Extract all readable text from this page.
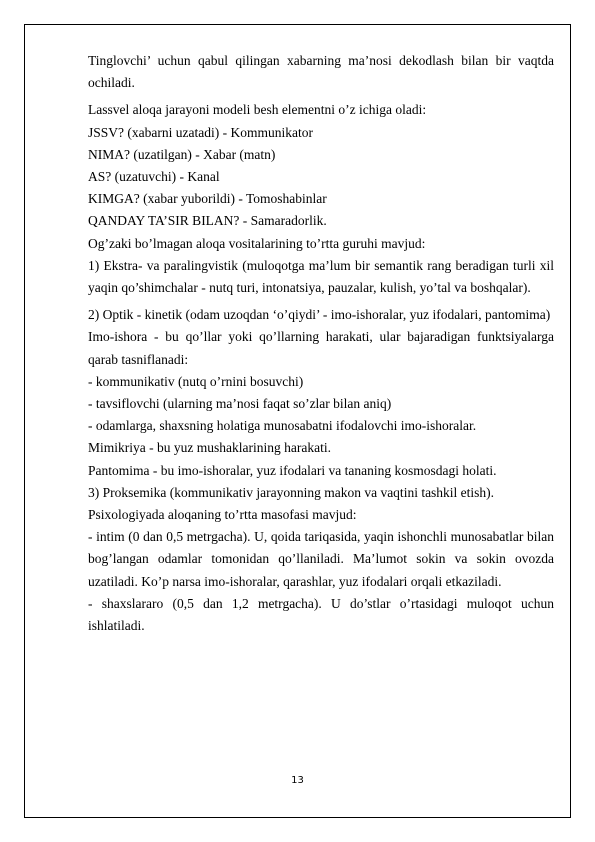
Tinglovchi’ uchun qabul qilingan xabarning ma’nosi dekodlash bilan bir vaqtda ochiladi.

Lassvel aloqa jarayoni modeli besh elementni o’z ichiga oladi:

JSSV? (xabarni uzatadi) - Kommunikator

NIMA? (uzatilgan) - Xabar (matn)

AS? (uzatuvchi) - Kanal

KIMGA? (xabar yuborildi) - Tomoshabinlar

QANDAY TA’SIR BILAN? - Samaradorlik.

Og’zaki bo’lmagan aloqa vositalarining to’rtta guruhi mavjud:

1) Ekstra- va paralingvistik (muloqotga ma’lum bir semantik rang beradigan turli xil yaqin qo’shimchalar - nutq turi, intonatsiya, pauzalar, kulish, yo’tal va boshqalar).

2) Optik - kinetik (odam uzoqdan ‘o’qiydi’ - imo-ishoralar, yuz ifodalari, pantomima)

Imo-ishora - bu qo’llar yoki qo’llarning harakati, ular bajaradigan funktsiyalarga qarab tasniflanadi:

- kommunikativ (nutq o’rnini bosuvchi)

- tavsiflovchi (ularning ma’nosi faqat so’zlar bilan aniq)

- odamlarga, shaxsning holatiga munosabatni ifodalovchi imo-ishoralar.

Mimikriya - bu yuz mushaklarining harakati.

Pantomima - bu imo-ishoralar, yuz ifodalari va tananing kosmosdagi holati.

3) Proksemika (kommunikativ jarayonning makon va vaqtini tashkil etish).

Psixologiyada aloqaning to’rtta masofasi mavjud:

- intim (0 dan 0,5 metrgacha). U, qoida tariqasida, yaqin ishonchli munosabatlar bilan bog’langan odamlar tomonidan qo’llaniladi. Ma’lumot sokin va sokin ovozda uzatiladi. Ko’p narsa imo-ishoralar, qarashlar, yuz ifodalari orqali etkaziladi.

- shaxslararo (0,5 dan 1,2 metrgacha). U do’stlar o’rtasidagi muloqot uchun ishlatiladi.

13
